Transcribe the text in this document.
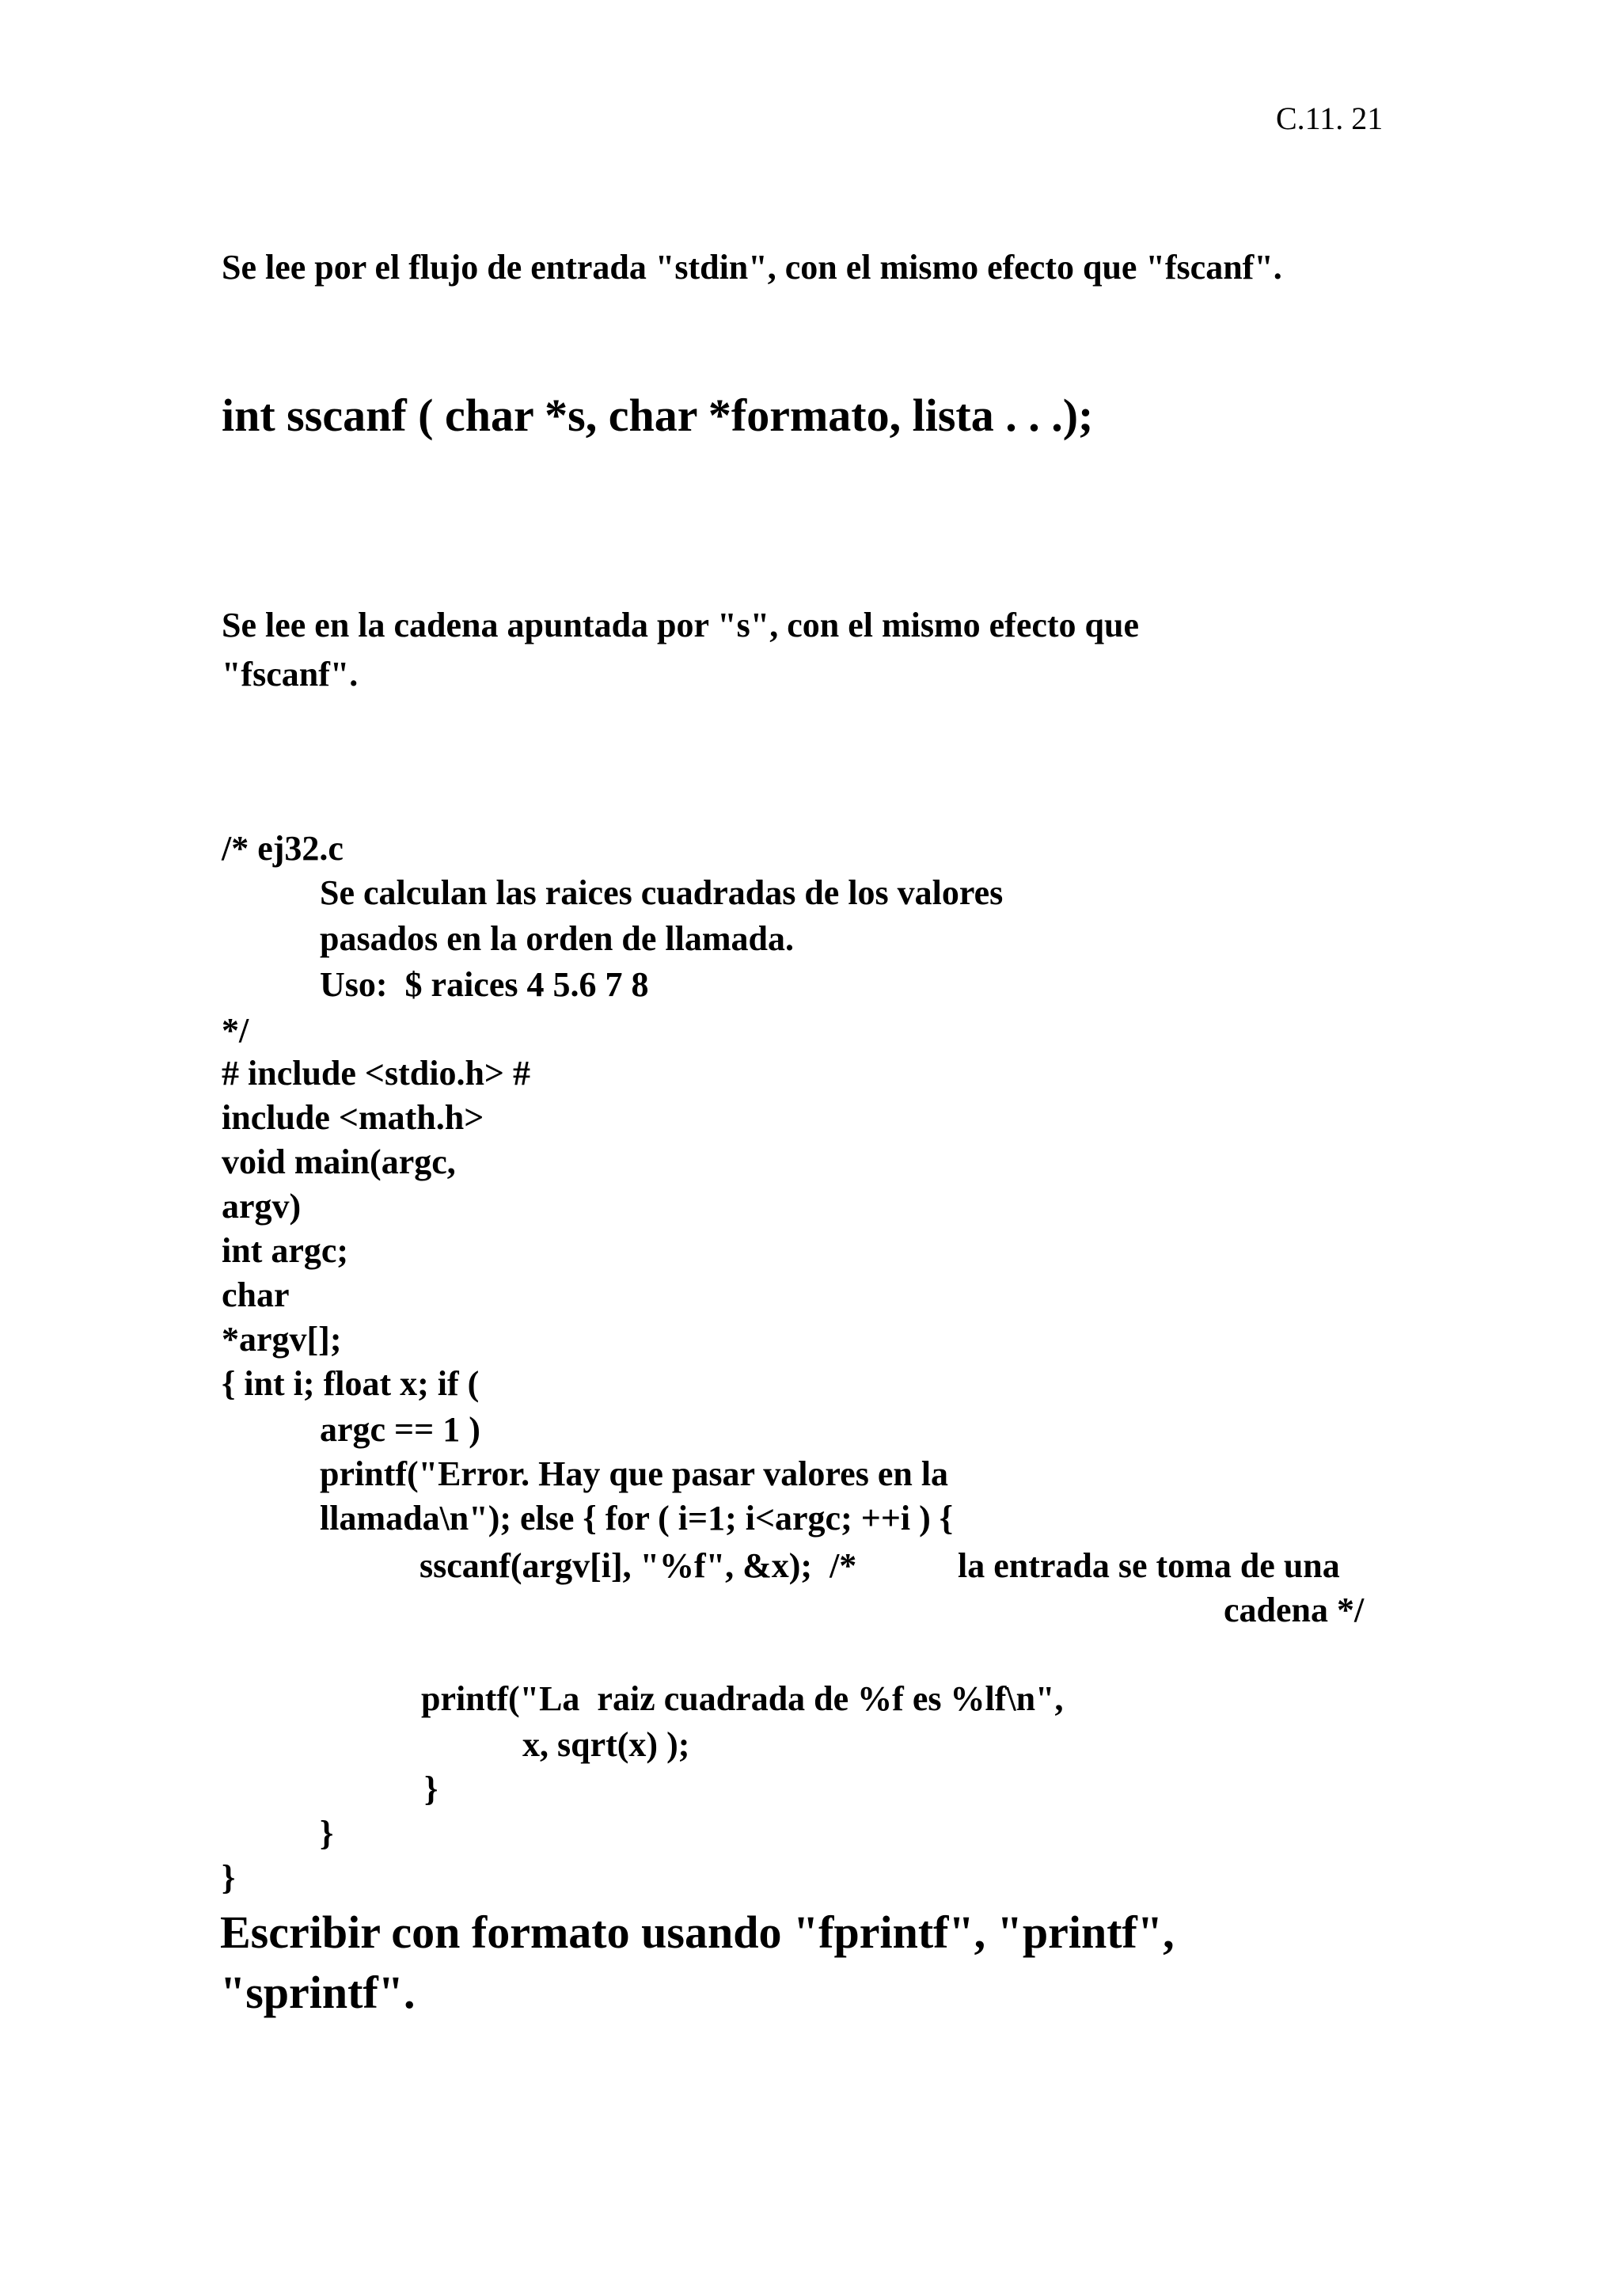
C.11. 21
Se lee por el flujo de entrada "stdin", con el mismo efecto que "fscanf".
int sscanf ( char *s, char *formato, lista . . .);
Se lee en la cadena apuntada por "s", con el mismo efecto que
"fscanf".
/* ej32.c
Se calculan las raices cuadradas de los valores
pasados en la orden de llamada.
Uso:  $ raices 4 5.6 7 8
*/
# include <stdio.h> #
include <math.h>
void main(argc,
argv)
int argc;
char
*argv[];
{ int i; float x; if (
argc == 1 )
printf("Error. Hay que pasar valores en la
llamada\n"); else { for ( i=1; i<argc; ++i ) {
sscanf(argv[i], "%f", &x);  /*	la entrada se toma de una
cadena */
printf("La  raiz cuadrada de %f es %lf\n",
x, sqrt(x) );
}
}
}
Escribir con formato usando "fprintf", "printf",
"sprintf".
